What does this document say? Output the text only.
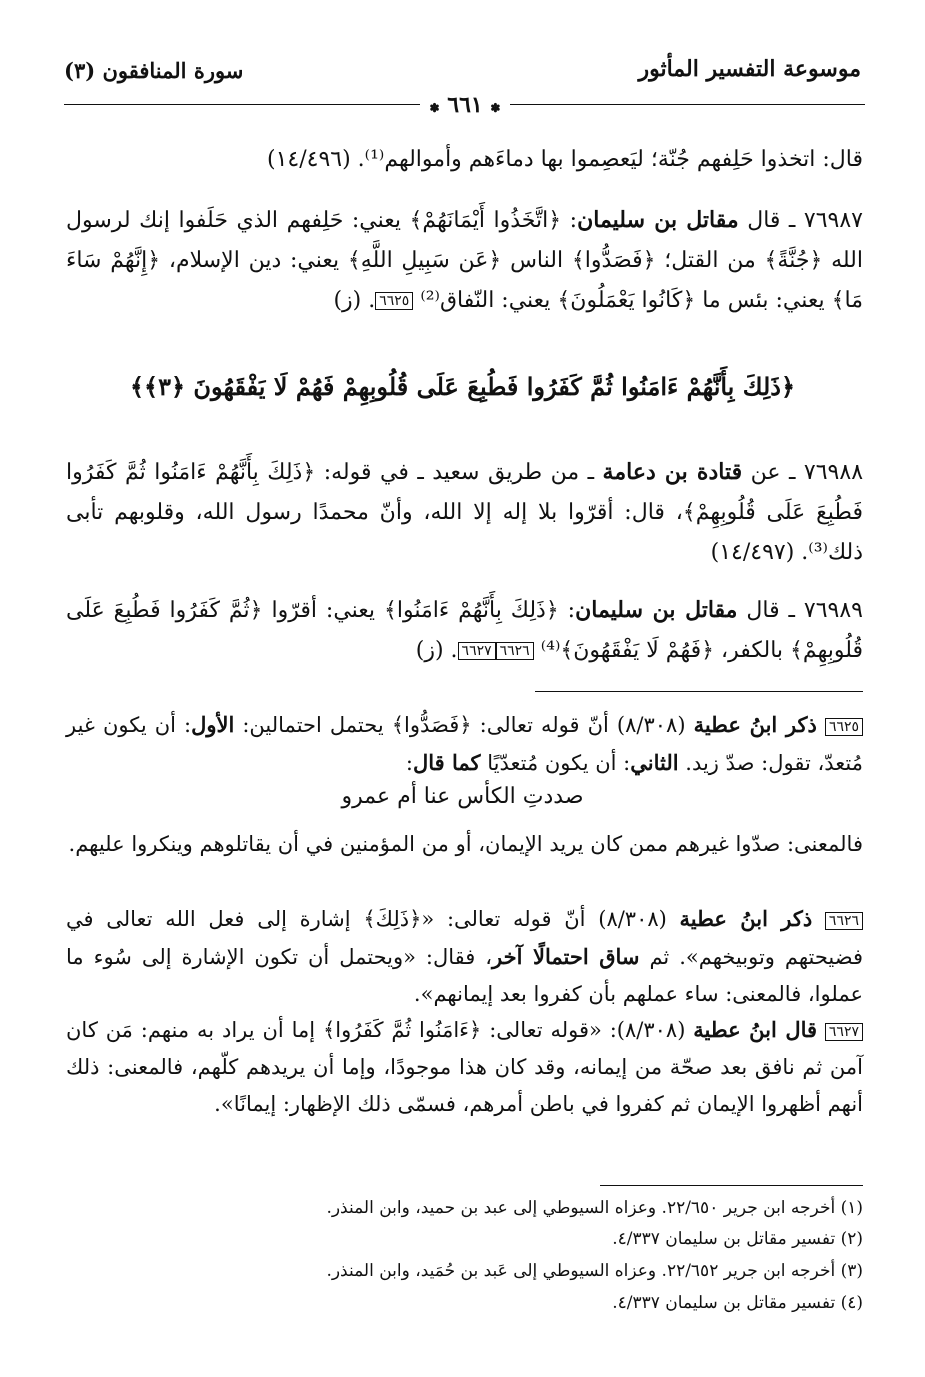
سورة المنافقون (٣)	موسوعة التفسير المأثور
✽ ٦٦١ ✽
قال: اتخذوا حَلِفهم جُنّة؛ ليَعصِموا بها دماءَهم وأموالهم⁽¹⁾. (١٤/٤٩٦)
٧٦٩٨٧ ـ قال مقاتل بن سليمان: ﴿اتَّخَذُوا أَيْمَانَهُمْ﴾ يعني: حَلِفهم الذي حَلَفوا إنك لرسول الله ﴿جُنَّةً﴾ من القتل؛ ﴿فَصَدُّوا﴾ الناس ﴿عَن سَبِيلِ اللَّهِ﴾ يعني: دين الإسلام، ﴿إِنَّهُمْ سَاءَ مَا﴾ يعني: بئس ما ﴿كَانُوا يَعْمَلُونَ﴾ يعني: النّفاق⁽²⁾ ٦٦٢٥. (ز)
﴿ذَلِكَ بِأَنَّهُمْ ءَامَنُوا ثُمَّ كَفَرُوا فَطُبِعَ عَلَى قُلُوبِهِمْ فَهُمْ لَا يَفْقَهُونَ ﴿٣﴾﴾
٧٦٩٨٨ ـ عن قتادة بن دعامة ـ من طريق سعيد ـ في قوله: ﴿ذَلِكَ بِأَنَّهُمْ ءَامَنُوا ثُمَّ كَفَرُوا فَطُبِعَ عَلَى قُلُوبِهِمْ﴾، قال: أقرّوا بلا إله إلا الله، وأنّ محمدًا رسول الله، وقلوبهم تأبى ذلك⁽³⁾. (١٤/٤٩٧)
٧٦٩٨٩ ـ قال مقاتل بن سليمان: ﴿ذَلِكَ بِأَنَّهُمْ ءَامَنُوا﴾ يعني: أقرّوا ﴿ثُمَّ كَفَرُوا فَطُبِعَ عَلَى قُلُوبِهِمْ﴾ بالكفر، ﴿فَهُمْ لَا يَفْقَهُونَ﴾⁽⁴⁾ ٦٦٢٦٦٦٢٧. (ز)
٦٦٢٥ ذكر ابنُ عطية (٨/٣٠٨) أنّ قوله تعالى: ﴿فَصَدُّوا﴾ يحتمل احتمالين: الأول: أن يكون غير مُتعدّ، تقول: صدّ زيد. الثاني: أن يكون مُتعدّيًا كما قال:
صددتِ الكأس عنا أم عمرو
فالمعنى: صدّوا غيرهم ممن كان يريد الإيمان، أو من المؤمنين في أن يقاتلوهم وينكروا عليهم.
٦٦٢٦ ذكر ابنُ عطية (٨/٣٠٨) أنّ قوله تعالى: «﴿ذَلِكَ﴾ إشارة إلى فعل الله تعالى في فضيحتهم وتوبيخهم». ثم ساق احتمالًا آخر، فقال: «ويحتمل أن تكون الإشارة إلى سُوء ما عملوا، فالمعنى: ساء عملهم بأن كفروا بعد إيمانهم».
٦٦٢٧ قال ابنُ عطية (٨/٣٠٨): «قوله تعالى: ﴿ءَامَنُوا ثُمَّ كَفَرُوا﴾ إما أن يراد به منهم: مَن كان آمن ثم نافق بعد صحّة من إيمانه، وقد كان هذا موجودًا، وإما أن يريدهم كلّهم، فالمعنى: ذلك أنهم أظهروا الإيمان ثم كفروا في باطن أمرهم، فسمّى ذلك الإظهار: إيمانًا».
(١) أخرجه ابن جرير ٢٢/٦٥٠. وعزاه السيوطي إلى عبد بن حميد، وابن المنذر.
(٢) تفسير مقاتل بن سليمان ٤/٣٣٧.
(٣) أخرجه ابن جرير ٢٢/٦٥٢. وعزاه السيوطي إلى عَبد بن حُمَيد، وابن المنذر.
(٤) تفسير مقاتل بن سليمان ٤/٣٣٧.
